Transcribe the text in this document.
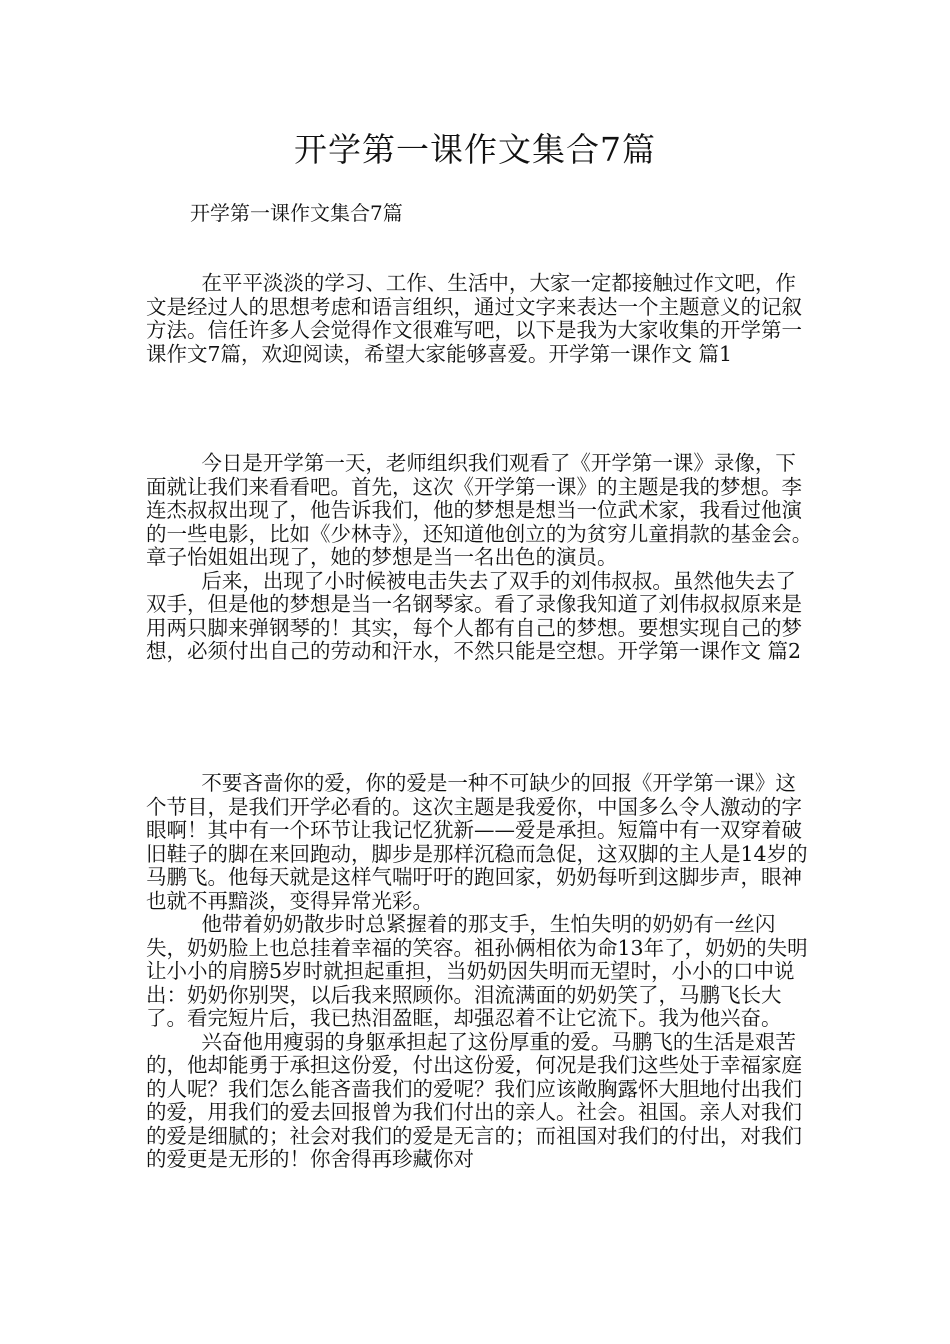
开学第一课作文集合7篇
开学第一课作文集合7篇

在平平淡淡的学习、工作、生活中，大家一定都接触过作文吧，作文是经过人的思想考虑和语言组织，通过文字来表达一个主题意义的记叙方法。信任许多人会觉得作文很难写吧，以下是我为大家收集的开学第一课作文7篇，欢迎阅读，希望大家能够喜爱。开学第一课作文 篇1

今日是开学第一天，老师组织我们观看了《开学第一课》录像，下面就让我们来看看吧。首先，这次《开学第一课》的主题是我的梦想。李连杰叔叔出现了，他告诉我们，他的梦想是想当一位武术家，我看过他演的一些电影，比如《少林寺》，还知道他创立的为贫穷儿童捐款的基金会。章子怡姐姐出现了，她的梦想是当一名出色的演员。

后来，出现了小时候被电击失去了双手的刘伟叔叔。虽然他失去了双手，但是他的梦想是当一名钢琴家。看了录像我知道了刘伟叔叔原来是用两只脚来弹钢琴的！其实，每个人都有自己的梦想。要想实现自己的梦想，必须付出自己的劳动和汗水，不然只能是空想。开学第一课作文 篇2

不要吝啬你的爱，你的爱是一种不可缺少的回报《开学第一课》这个节目，是我们开学必看的。这次主题是我爱你，中国多么令人激动的字眼啊！其中有一个环节让我记忆犹新——爱是承担。短篇中有一双穿着破旧鞋子的脚在来回跑动，脚步是那样沉稳而急促，这双脚的主人是14岁的马鹏飞。他每天就是这样气喘吁吁的跑回家，奶奶每听到这脚步声，眼神也就不再黯淡，变得异常光彩。

他带着奶奶散步时总紧握着的那支手，生怕失明的奶奶有一丝闪失，奶奶脸上也总挂着幸福的笑容。祖孙俩相依为命13年了，奶奶的失明让小小的肩膀5岁时就担起重担，当奶奶因失明而无望时，小小的口中说出：奶奶你别哭，以后我来照顾你。泪流满面的奶奶笑了，马鹏飞长大了。看完短片后，我已热泪盈眶，却强忍着不让它流下。我为他兴奋。

兴奋他用瘦弱的身躯承担起了这份厚重的爱。马鹏飞的生活是艰苦的，他却能勇于承担这份爱，付出这份爱，何况是我们这些处于幸福家庭的人呢？我们怎么能吝啬我们的爱呢？我们应该敞胸露怀大胆地付出我们的爱，用我们的爱去回报曾为我们付出的亲人。社会。祖国。亲人对我们的爱是细腻的；社会对我们的爱是无言的；而祖国对我们的付出，对我们的爱更是无形的！你舍得再珍藏你对
